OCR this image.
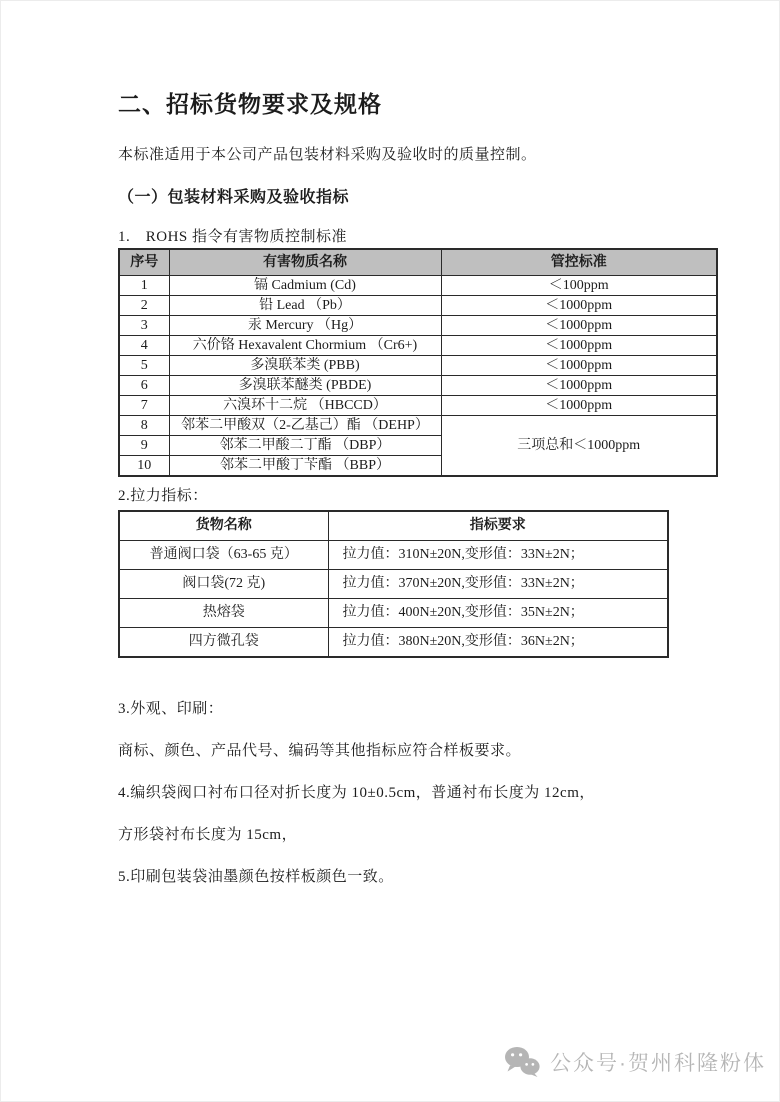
二、招标货物要求及规格

本标准适用于本公司产品包装材料采购及验收时的质量控制。

（一）包装材料采购及验收指标

1.　ROHS 指令有害物质控制标准

序号	有害物质名称	管控标准
1	镉 Cadmium (Cd)	＜100ppm
2	铅 Lead （Pb）	＜1000ppm
3	汞 Mercury （Hg）	＜1000ppm
4	六价铬 Hexavalent Chormium （Cr6+)	＜1000ppm
5	多溴联苯类 (PBB)	＜1000ppm
6	多溴联苯醚类 (PBDE)	＜1000ppm
7	六溴环十二烷 （HBCCD）	＜1000ppm
8	邻苯二甲酸双（2-乙基己）酯 （DEHP）	三项总和＜1000ppm
9	邻苯二甲酸二丁酯 （DBP）	
10	邻苯二甲酸丁苄酯 （BBP）	

2.拉力指标：

货物名称	指标要求
普通阀口袋（63-65 克）	拉力值：310N±20N,变形值：33N±2N；
阀口袋(72 克)	拉力值：370N±20N,变形值：33N±2N；
热熔袋	拉力值：400N±20N,变形值：35N±2N；
四方微孔袋	拉力值：380N±20N,变形值：36N±2N；

3.外观、印刷：

商标、颜色、产品代号、编码等其他指标应符合样板要求。

4.编织袋阀口衬布口径对折长度为 10±0.5cm，普通衬布长度为 12cm，

方形袋衬布长度为 15cm，

5.印刷包装袋油墨颜色按样板颜色一致。

公众号·贺州科隆粉体
